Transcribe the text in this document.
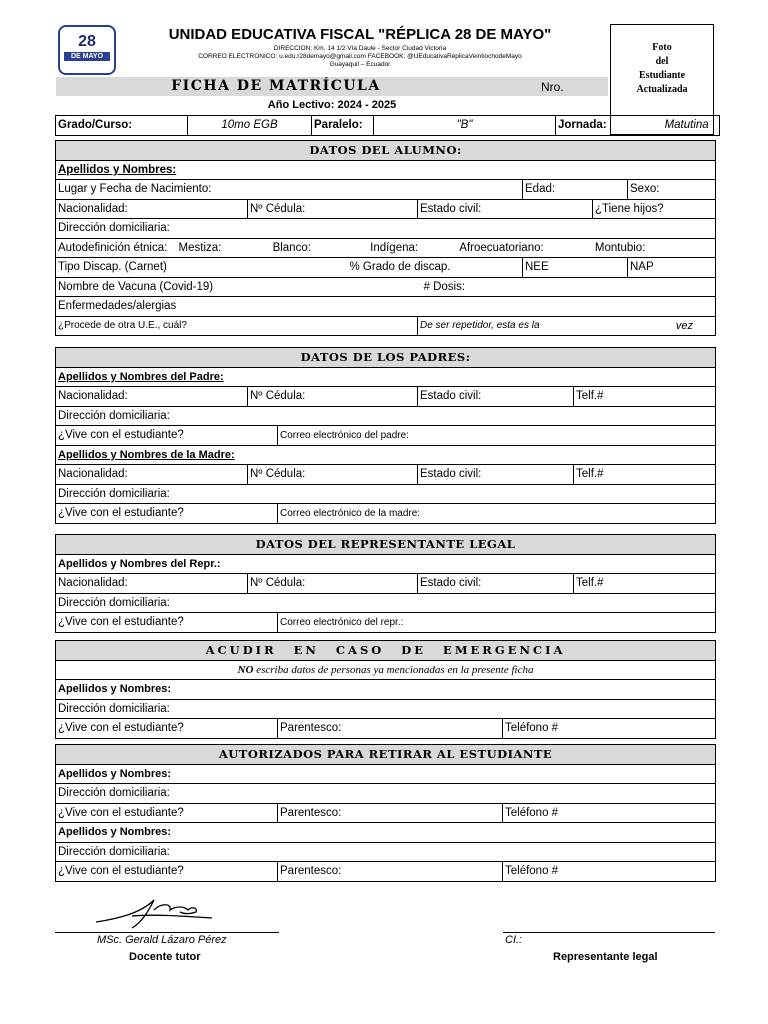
28
DE MAYO
UNIDAD EDUCATIVA FISCAL "RÉPLICA 28 DE MAYO"
DIRECCION: Km. 14 1/2 Vía Daule - Sector Ciudad Victoria
CORREO ELECTRONICO: u.edu.r28demayo@gmail.com FACEBOOK: @UEducativaRéplicaVeintiochodeMayo
Guayaquil – Ecuador
Foto
del
Estudiante
Actualizada
FICHA DE MATRÍCULA	Nro.
Año Lectivo: 2024 - 2025
Grado/Curso:	10mo EGB	Paralelo:	"B"	Jornada:	Matutina
DATOS DEL ALUMNO:						
Apellidos y Nombres:						
Lugar y Fecha de Nacimiento:				Edad:		Sexo:
Nacionalidad:	Nº Cédula:		Estado civil:		¿Tiene hijos?	
Dirección domiciliaria:						
Autodefinición étnica: Mestiza: Blanco: Indígena: Afroecuatoriano: Montubio:						
Tipo Discap. (Carnet)		% Grado de discap.		NEE		NAP
Nombre de Vacuna (Covid-19)			# Dosis:			
Enfermedades/alergias						
¿Procede de otra U.E., cuál?			De ser repetidor, esta es la vez			
DATOS DE LOS PADRES:				
Apellidos y Nombres del Padre:				
Nacionalidad:	Nº Cédula:		Estado civil:	Telf.#
Dirección domiciliaria:				
¿Vive con el estudiante?		Correo electrónico del padre:		
Apellidos y Nombres de la Madre:				
Nacionalidad:	Nº Cédula:		Estado civil:	Telf.#
Dirección domiciliaria:				
¿Vive con el estudiante?		Correo electrónico de la madre:		
DATOS DEL REPRESENTANTE LEGAL				
Apellidos y Nombres del Repr.:				
Nacionalidad:	Nº Cédula:		Estado civil:	Telf.#
Dirección domiciliaria:				
¿Vive con el estudiante?		Correo electrónico del repr.:		
ACUDIR EN CASO DE EMERGENCIA
NO escriba datos de personas ya mencionadas en la presente ficha
Apellidos y Nombres:
Dirección domiciliaria:
¿Vive con el estudiante?	Parentesco:	Teléfono #
AUTORIZADOS PARA RETIRAR AL ESTUDIANTE		
Apellidos y Nombres:		
Dirección domiciliaria:		
¿Vive con el estudiante?	Parentesco:	Teléfono #
Apellidos y Nombres:		
Dirección domiciliaria:		
¿Vive con el estudiante?	Parentesco:	Teléfono #
MSc. Gerald Lázaro Pérez
Docente tutor
CI.:
Representante legal
